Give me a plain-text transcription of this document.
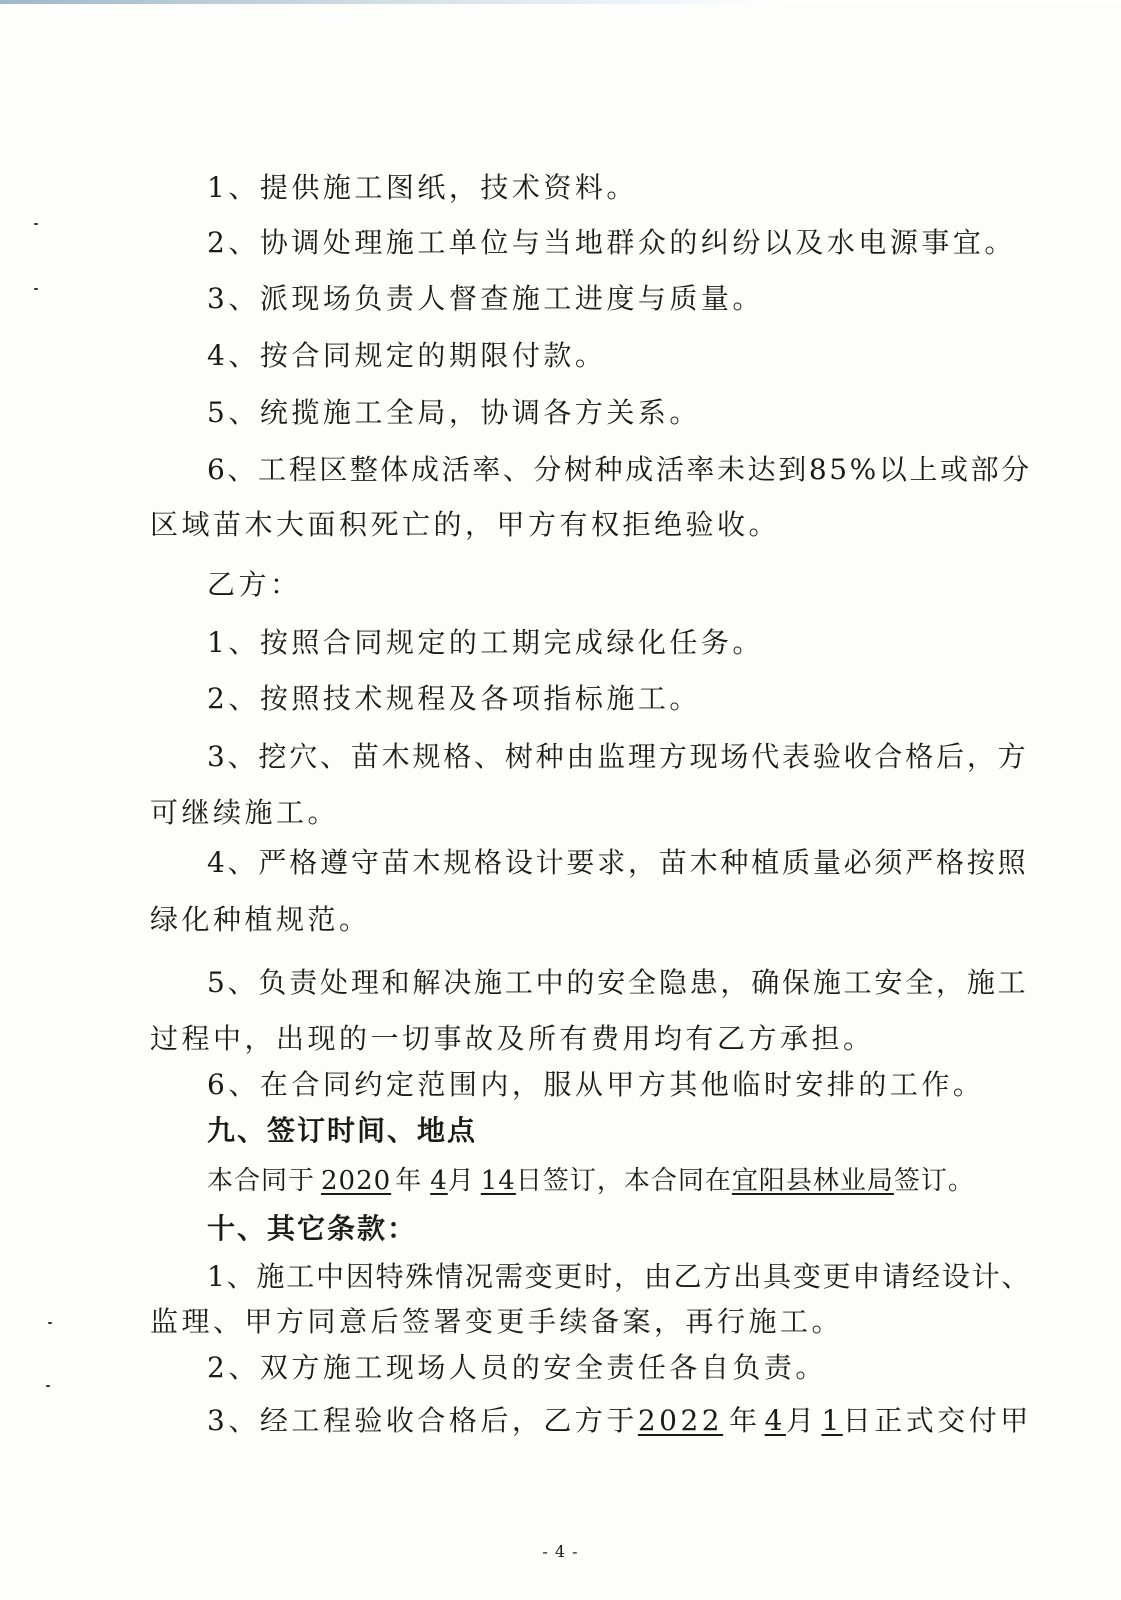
1、提供施工图纸，技术资料。
2、协调处理施工单位与当地群众的纠纷以及水电源事宜。
3、派现场负责人督查施工进度与质量。
4、按合同规定的期限付款。
5、统揽施工全局，协调各方关系。
6、工程区整体成活率、分树种成活率未达到85%以上或部分
区域苗木大面积死亡的，甲方有权拒绝验收。
乙方：
1、按照合同规定的工期完成绿化任务。
2、按照技术规程及各项指标施工。
3、挖穴、苗木规格、树种由监理方现场代表验收合格后，方
可继续施工。
4、严格遵守苗木规格设计要求，苗木种植质量必须严格按照
绿化种植规范。
5、负责处理和解决施工中的安全隐患，确保施工安全，施工
过程中，出现的一切事故及所有费用均有乙方承担。
6、在合同约定范围内，服从甲方其他临时安排的工作。
九、签订时间、地点
本合同于 2020 年 4月 14日签订，本合同在宜阳县林业局签订。
十、其它条款：
1、施工中因特殊情况需变更时，由乙方出具变更申请经设计、
监理、甲方同意后签署变更手续备案，再行施工。
2、双方施工现场人员的安全责任各自负责。
3、经工程验收合格后，乙方于2022 年 4月 1日正式交付甲
- 4 -
